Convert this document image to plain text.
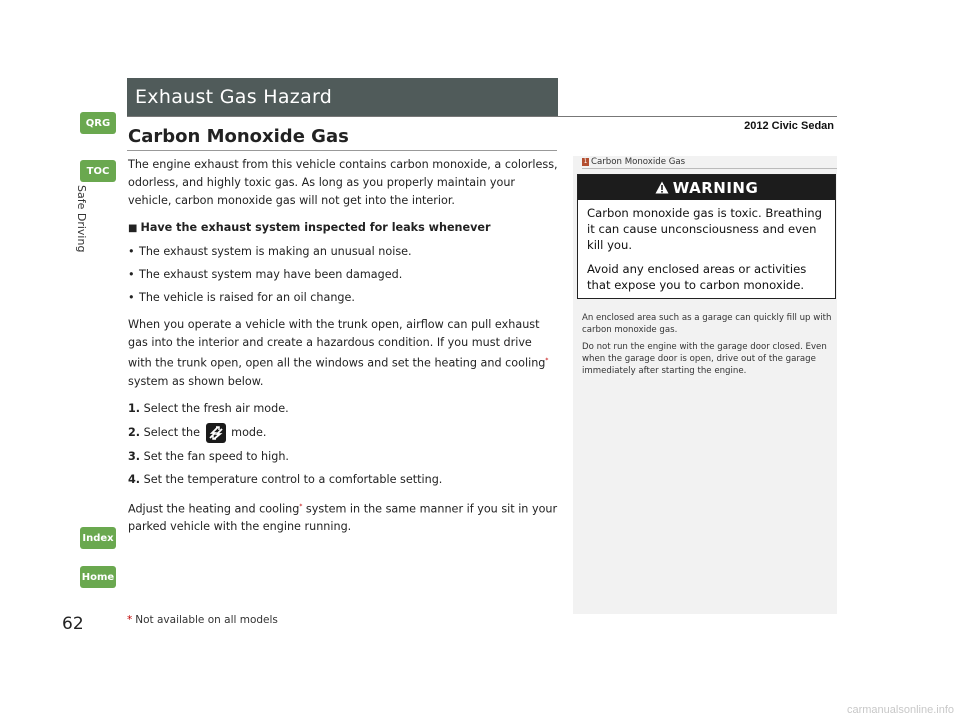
QRG
TOC
Safe Driving
Index
Home
Exhaust Gas Hazard
2012 Civic Sedan
Carbon Monoxide Gas

The engine exhaust from this vehicle contains carbon monoxide, a colorless, odorless, and highly toxic gas. As long as you properly maintain your vehicle, carbon monoxide gas will not get into the interior.

■ Have the exhaust system inspected for leaks whenever
• The exhaust system is making an unusual noise.
• The exhaust system may have been damaged.
• The vehicle is raised for an oil change.

When you operate a vehicle with the trunk open, airflow can pull exhaust gas into the interior and create a hazardous condition. If you must drive with the trunk open, open all the windows and set the heating and cooling* system as shown below.

1. Select the fresh air mode.
2. Select the  mode.
3. Set the fan speed to high.
4. Set the temperature control to a comfortable setting.

Adjust the heating and cooling* system in the same manner if you sit in your parked vehicle with the engine running.

1 Carbon Monoxide Gas
WARNING

Carbon monoxide gas is toxic. Breathing it can cause unconsciousness and even kill you.

Avoid any enclosed areas or activities that expose you to carbon monoxide.

An enclosed area such as a garage can quickly fill up with carbon monoxide gas.

Do not run the engine with the garage door closed. Even when the garage door is open, drive out of the garage immediately after starting the engine.

62	* Not available on all models
carmanualsonline.info
